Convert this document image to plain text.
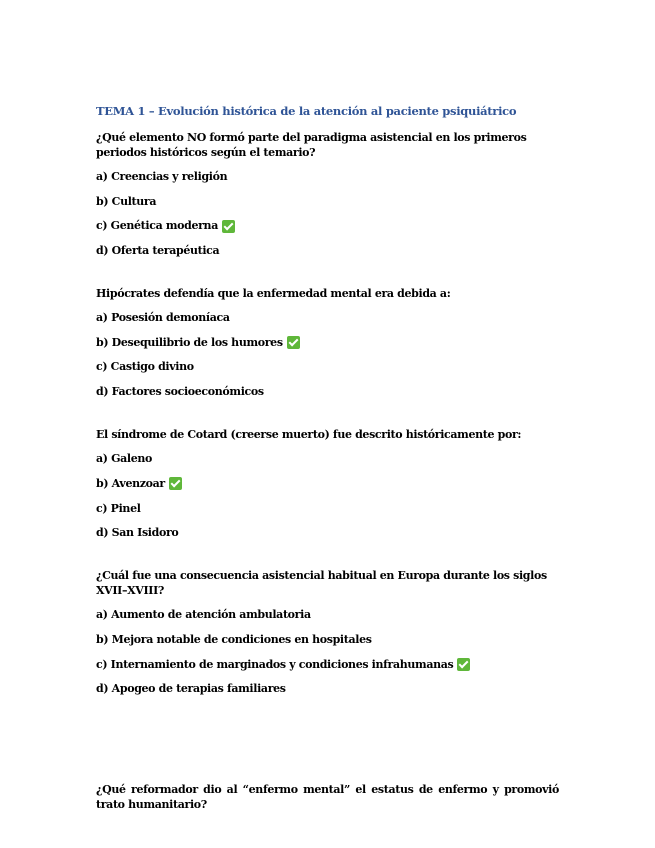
TEMA 1 – Evolución histórica de la atención al paciente psiquiátrico
¿Qué elemento NO formó parte del paradigma asistencial en los primeros periodos históricos según el temario?
a) Creencias y religión
b) Cultura
c) Genética moderna
d) Oferta terapéutica
Hipócrates defendía que la enfermedad mental era debida a:
a) Posesión demoníaca
b) Desequilibrio de los humores
c) Castigo divino
d) Factores socioeconómicos
El síndrome de Cotard (creerse muerto) fue descrito históricamente por:
a) Galeno
b) Avenzoar
c) Pinel
d) San Isidoro
¿Cuál fue una consecuencia asistencial habitual en Europa durante los siglos XVII–XVIII?
a) Aumento de atención ambulatoria
b) Mejora notable de condiciones en hospitales
c) Internamiento de marginados y condiciones infrahumanas
d) Apogeo de terapias familiares
¿Qué reformador dio al “enfermo mental” el estatus de enfermo y promovió trato humanitario?
